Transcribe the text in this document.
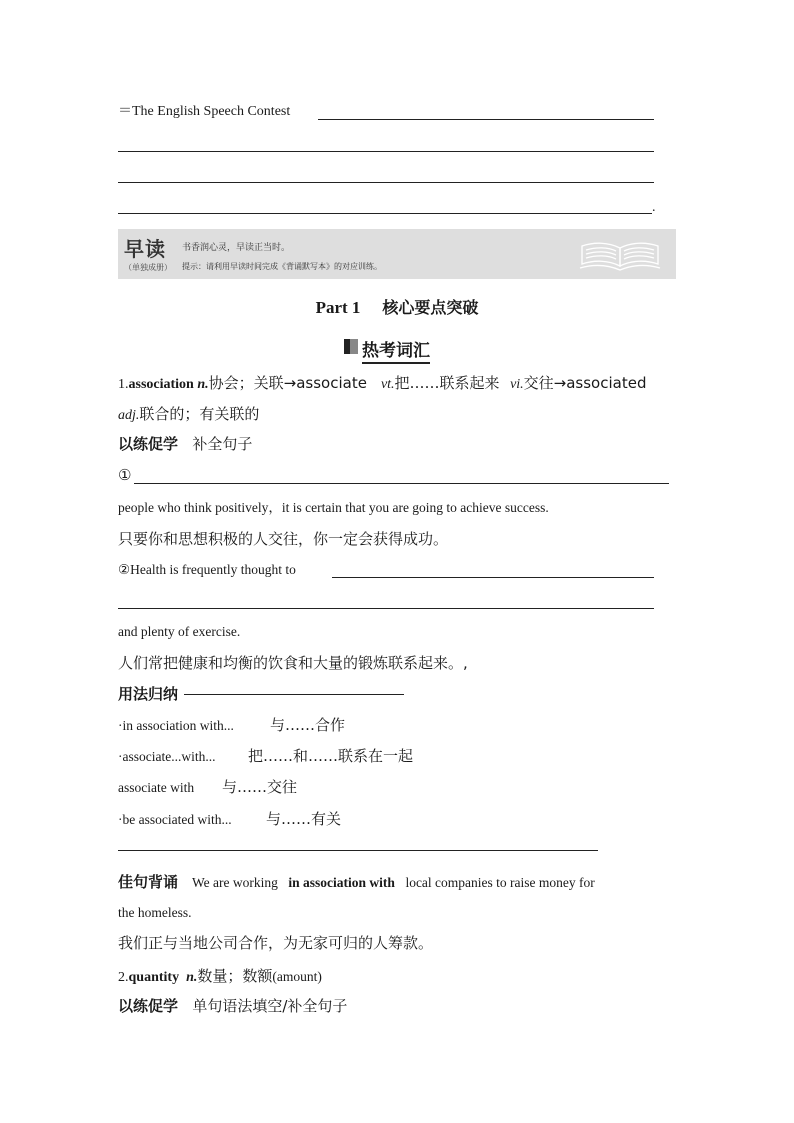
＝The English Speech Contest
.
早读
（单独成册）
书香润心灵，早读正当时。
提示：请利用早读时间完成《背诵默写本》的对应训练。
Part 1 核心要点突破
热考词汇
1.association n.协会；关联→associate vt.把……联系起来 vi.交往→associated
adj.联合的；有关联的
以练促学 补全句子
①
people who think positively，it is certain that you are going to achieve success.
只要你和思想积极的人交往，你一定会获得成功。
②Health is frequently thought to
and plenty of exercise.
人们常把健康和均衡的饮食和大量的锻炼联系起来。,
用法归纳
·in association with... 与……合作
·associate...with... 把……和……联系在一起
associate with 与……交往
·be associated with... 与……有关
佳句背诵 We are working in association with local companies to raise money for
the homeless.
我们正与当地公司合作，为无家可归的人筹款。
2.quantity n.数量；数额(amount)
以练促学 单句语法填空/补全句子
